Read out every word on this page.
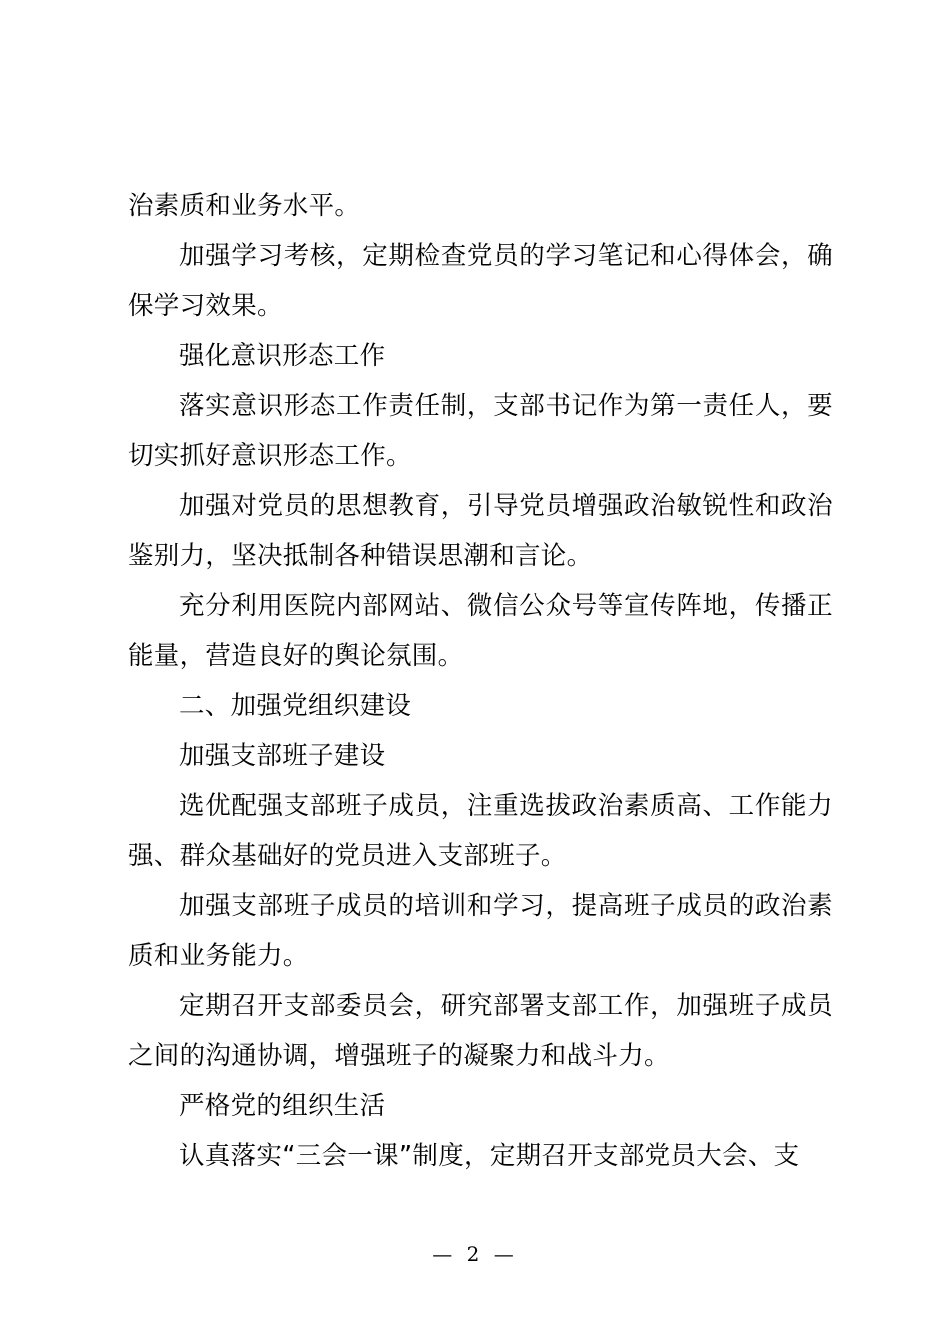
治素质和业务水平。

加强学习考核，定期检查党员的学习笔记和心得体会，确保学习效果。

强化意识形态工作

落实意识形态工作责任制，支部书记作为第一责任人，要切实抓好意识形态工作。

加强对党员的思想教育，引导党员增强政治敏锐性和政治鉴别力，坚决抵制各种错误思潮和言论。

充分利用医院内部网站、微信公众号等宣传阵地，传播正能量，营造良好的舆论氛围。

二、加强党组织建设

加强支部班子建设

选优配强支部班子成员，注重选拔政治素质高、工作能力强、群众基础好的党员进入支部班子。

加强支部班子成员的培训和学习，提高班子成员的政治素质和业务能力。

定期召开支部委员会，研究部署支部工作，加强班子成员之间的沟通协调，增强班子的凝聚力和战斗力。

严格党的组织生活

认真落实“三会一课”制度，定期召开支部党员大会、支

— 2 —
